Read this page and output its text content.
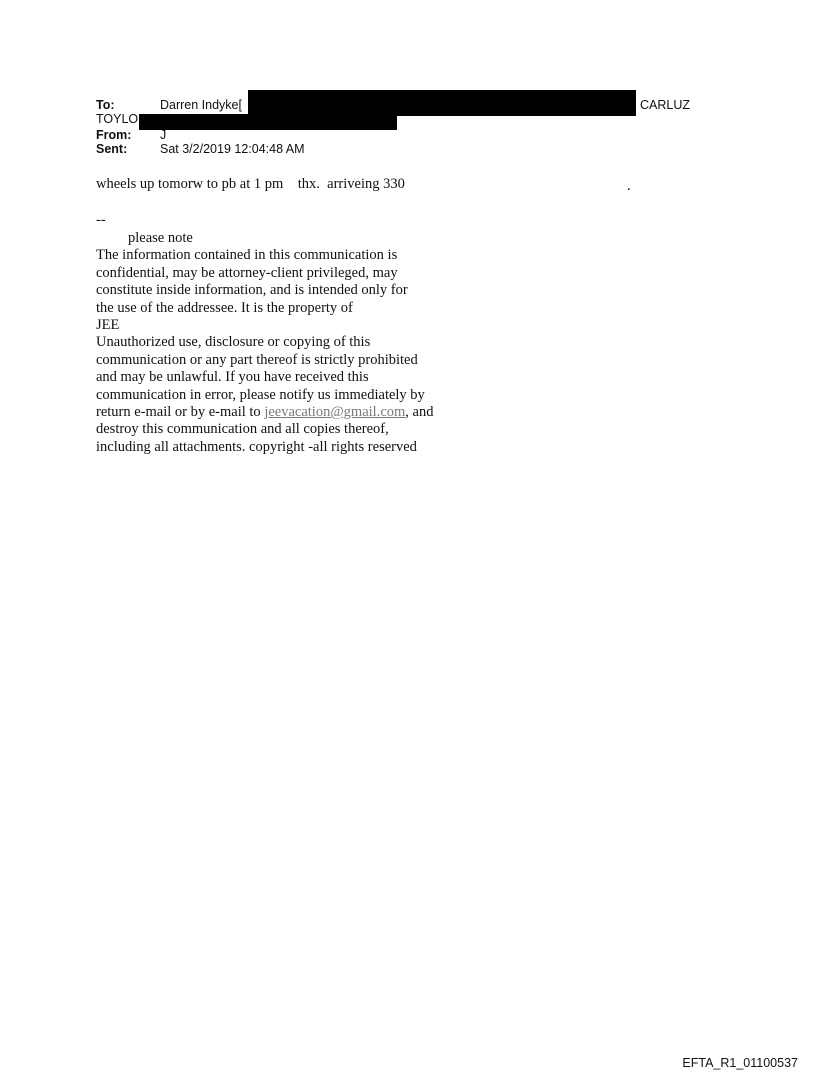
To:	Darren Indyke[	CARLUZ
TOYLO
From: J
Sent:	Sat 3/2/2019 12:04:48 AM
wheels up tomorw to pb at 1 pm    thx.  arriveing 330	.
--
please note
The information contained in this communication is
confidential, may be attorney-client privileged, may
constitute inside information, and is intended only for
the use of the addressee. It is the property of
JEE
Unauthorized use, disclosure or copying of this
communication or any part thereof is strictly prohibited
and may be unlawful. If you have received this
communication in error, please notify us immediately by
return e-mail or by e-mail to jeevacation@gmail.com, and
destroy this communication and all copies thereof,
including all attachments. copyright -all rights reserved
EFTA_R1_01100537
